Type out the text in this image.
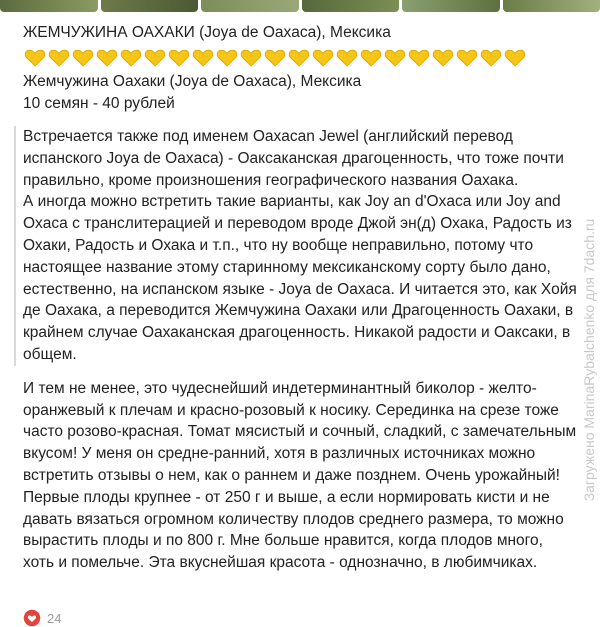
ЖЕМЧУЖИНА ОАХАКИ (Joya de Oaxaca), Мексика
Жемчужина Оахаки (Joya de Oaxaca), Мексика
10 семян - 40 рублей

Встречается также под именем Oaxacan Jewel (английский перевод испанского Joya de Oaxaca) - Оаксаканская драгоценность, что тоже почти правильно, кроме произношения географического названия Оахака.

А иногда можно встретить такие варианты, как Joy an d'Oxaca или Joy and Оxaca с транслитерацией и переводом вроде Джой эн(д) Охака, Радость из Охаки, Радость и Охака и т.п., что ну вообще неправильно, потому что настоящее название этому старинному мексиканскому сорту было дано, естественно, на испанском языке - Joya de Oaxaca. И читается это, как Хойя де Оахака, а переводится Жемчужина Оахаки или Драгоценность Оахаки, в крайнем случае Оахаканская драгоценность. Никакой радости и Оаксаки, в общем.

И тем не менее, это чудеснейший индетерминантный биколор - желто-оранжевый к плечам и красно-розовый к носику. Серединка на срезе тоже часто розово-красная. Томат мясистый и сочный, сладкий, с замечательным вкусом! У меня он средне-ранний, хотя в различных источниках можно встретить отзывы о нем, как о раннем и даже позднем. Очень урожайный! Первые плоды крупнее - от 250 г и выше, а если нормировать кисти и не давать вязаться огромном количеству плодов среднего размера, то можно вырастить плоды и по 800 г. Мне больше нравится, когда плодов много, хоть и помельче. Эта вкуснейшая красота - однозначно, в любимчиках.

24
Загружено MarinaRybalchenko для 7dach.ru
